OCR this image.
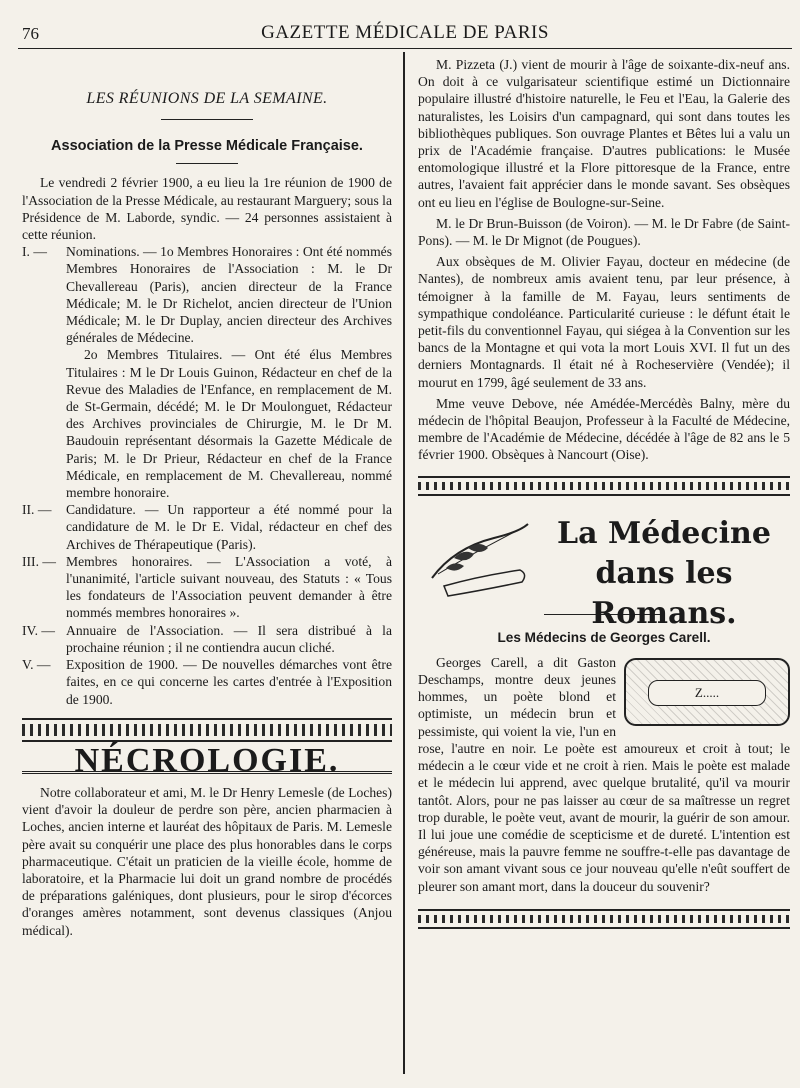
76	GAZETTE MÉDICALE DE PARIS
LES RÉUNIONS DE LA SEMAINE.
Association de la Presse Médicale Française.

Le vendredi 2 février 1900, a eu lieu la 1re réunion de 1900 de l'Association de la Presse Médicale, au restaurant Marguery; sous la Présidence de M. Laborde, syndic. — 24 personnes assistaient à cette réunion.

I. —	Nominations. — 1o Membres Honoraires : Ont été nommés Membres Honoraires de l'Association : M. le Dr Chevallereau (Paris), ancien directeur de la France Médicale; M. le Dr Richelot, ancien directeur de l'Union Médicale; M. le Dr Duplay, ancien directeur des Archives générales de Médecine.
2o Membres Titulaires. — Ont été élus Membres Titulaires : M le Dr Louis Guinon, Rédacteur en chef de la Revue des Maladies de l'Enfance, en remplacement de M. de St-Germain, décédé; M. le Dr Moulonguet, Rédacteur des Archives provinciales de Chirurgie, M. le Dr M. Baudouin représentant désormais la Gazette Médicale de Paris; M. le Dr Prieur, Rédacteur en chef de la France Médicale, en remplacement de M. Chevallereau, nommé membre honoraire.
II. —	Candidature. — Un rapporteur a été nommé pour la candidature de M. le Dr E. Vidal, rédacteur en chef des Archives de Thérapeutique (Paris).
III. — Membres honoraires. — L'Association a voté, à l'unanimité, l'article suivant nouveau, des Statuts : « Tous les fondateurs de l'Association peuvent demander à être nommés membres honoraires ».
IV. — Annuaire de l'Association. — Il sera distribué à la prochaine réunion ; il ne contiendra aucun cliché.
V. —	Exposition de 1900. — De nouvelles démarches vont être faites, en ce qui concerne les cartes d'entrée à l'Exposition de 1900.
NÉCROLOGIE.

Notre collaborateur et ami, M. le Dr Henry Lemesle (de Loches) vient d'avoir la douleur de perdre son père, ancien pharmacien à Loches, ancien interne et lauréat des hôpitaux de Paris. M. Lemesle père avait su conquérir une place des plus honorables dans le corps pharmaceutique. C'était un praticien de la vieille école, homme de laboratoire, et la Pharmacie lui doit un grand nombre de procédés de préparations galéniques, dont plusieurs, pour le sirop d'écorces d'oranges amères notamment, sont devenus classiques (Anjou médical).

M. Pizzeta (J.) vient de mourir à l'âge de soixante-dix-neuf ans. On doit à ce vulgarisateur scientifique estimé un Dictionnaire populaire illustré d'histoire naturelle, le Feu et l'Eau, la Galerie des naturalistes, les Loisirs d'un campagnard, qui sont dans toutes les bibliothèques publiques. Son ouvrage Plantes et Bêtes lui a valu un prix de l'Académie française. D'autres publications: le Musée entomologique illustré et la Flore pittoresque de la France, entre autres, l'avaient fait apprécier dans le monde savant. Ses obsèques ont eu lieu en l'église de Boulogne-sur-Seine.

M. le Dr Brun-Buisson (de Voiron). — M. le Dr Fabre (de Saint-Pons). — M. le Dr Mignot (de Pougues).

Aux obsèques de M. Olivier Fayau, docteur en médecine (de Nantes), de nombreux amis avaient tenu, par leur présence, à témoigner à la famille de M. Fayau, leurs sentiments de sympathique condoléance. Particularité curieuse : le défunt était le petit-fils du conventionnel Fayau, qui siégea à la Convention sur les bancs de la Montagne et qui vota la mort Louis XVI. Il fut un des derniers Montagnards. Il était né à Rocheservière (Vendée); il mourut en 1799, âgé seulement de 33 ans.

Mme veuve Debove, née Amédée-Mercédès Balny, mère du médecin de l'hôpital Beaujon, Professeur à la Faculté de Médecine, membre de l'Académie de Médecine, décédée à l'âge de 82 ans le 5 février 1900. Obsèques à Nancourt (Oise).

La Médecine
dans les Romans.
Les Médecins de Georges Carell.
Z.....

Georges Carell, a dit Gaston Deschamps, montre deux jeunes hommes, un poète blond et optimiste, un médecin brun et pessimiste, qui voient la vie, l'un en rose, l'autre en noir. Le poète est amoureux et croit à tout; le médecin a le cœur vide et ne croit à rien. Mais le poète est malade et le médecin lui apprend, avec quelque brutalité, qu'il va mourir tantôt. Alors, pour ne pas laisser au cœur de sa maîtresse un regret trop durable, le poète veut, avant de mourir, la guérir de son amour. Il lui joue une comédie de scepticisme et de dureté. L'intention est généreuse, mais la pauvre femme ne souffre-t-elle pas davantage de voir son amant vivant sous ce jour nouveau qu'elle n'eût souffert de pleurer son amant mort, dans la douceur du souvenir?
